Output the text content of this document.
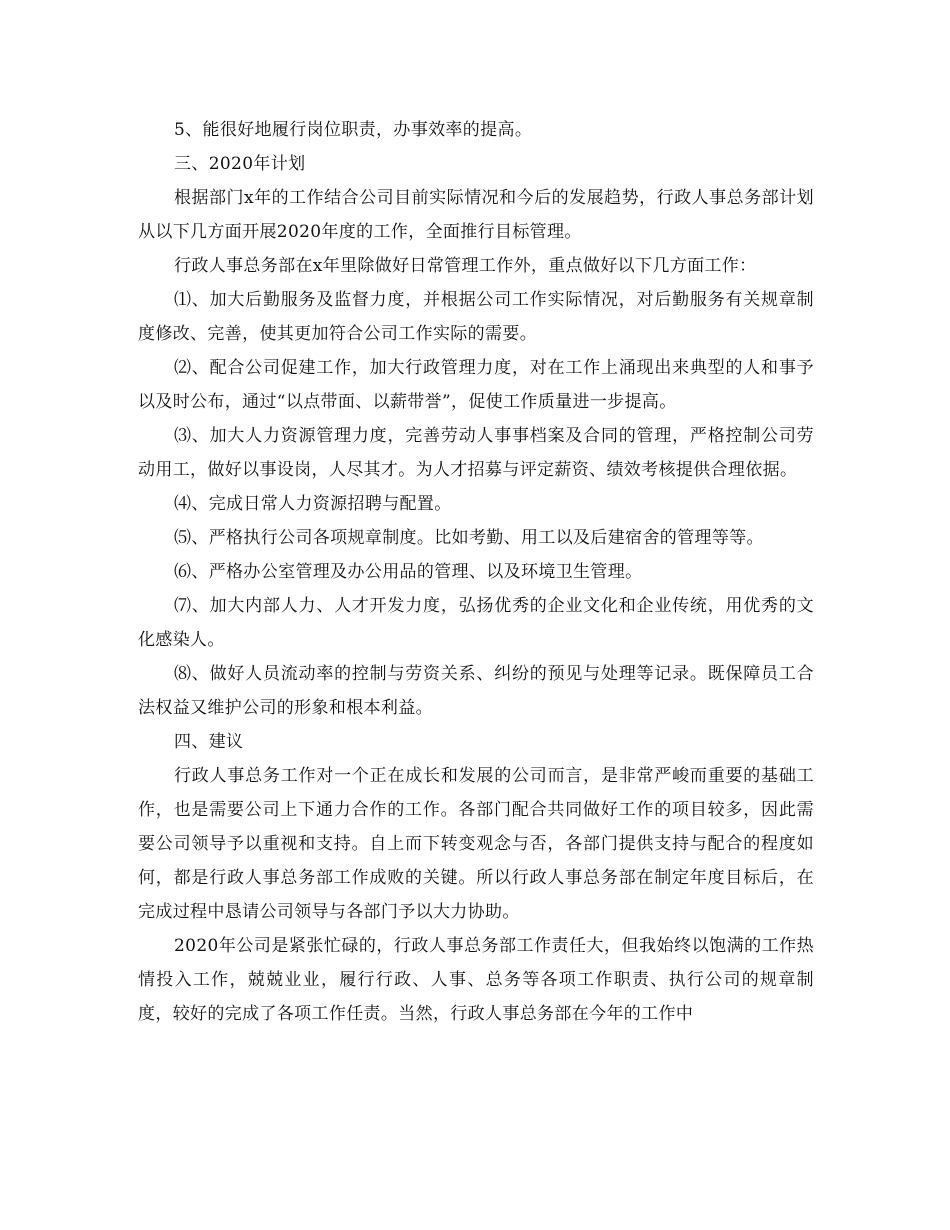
5、能很好地履行岗位职责，办事效率的提高。

三、2020年计划

根据部门x年的工作结合公司目前实际情况和今后的发展趋势，行政人事总务部计划从以下几方面开展2020年度的工作，全面推行目标管理。

行政人事总务部在x年里除做好日常管理工作外，重点做好以下几方面工作：

⑴、加大后勤服务及监督力度，并根据公司工作实际情况，对后勤服务有关规章制度修改、完善，使其更加符合公司工作实际的需要。

⑵、配合公司促建工作，加大行政管理力度，对在工作上涌现出来典型的人和事予以及时公布，通过“以点带面、以薪带誉”，促使工作质量进一步提高。

⑶、加大人力资源管理力度，完善劳动人事事档案及合同的管理，严格控制公司劳动用工，做好以事设岗，人尽其才。为人才招募与评定薪资、绩效考核提供合理依据。

⑷、完成日常人力资源招聘与配置。

⑸、严格执行公司各项规章制度。比如考勤、用工以及后建宿舍的管理等等。

⑹、严格办公室管理及办公用品的管理、以及环境卫生管理。

⑺、加大内部人力、人才开发力度，弘扬优秀的企业文化和企业传统，用优秀的文化感染人。

⑻、做好人员流动率的控制与劳资关系、纠纷的预见与处理等记录。既保障员工合法权益又维护公司的形象和根本利益。

四、建议

行政人事总务工作对一个正在成长和发展的公司而言，是非常严峻而重要的基础工作，也是需要公司上下通力合作的工作。各部门配合共同做好工作的项目较多，因此需要公司领导予以重视和支持。自上而下转变观念与否，各部门提供支持与配合的程度如何，都是行政人事总务部工作成败的关键。所以行政人事总务部在制定年度目标后，在完成过程中恳请公司领导与各部门予以大力协助。

2020年公司是紧张忙碌的，行政人事总务部工作责任大，但我始终以饱满的工作热情投入工作，兢兢业业，履行行政、人事、总务等各项工作职责、执行公司的规章制度，较好的完成了各项工作任责。当然，行政人事总务部在今年的工作中
